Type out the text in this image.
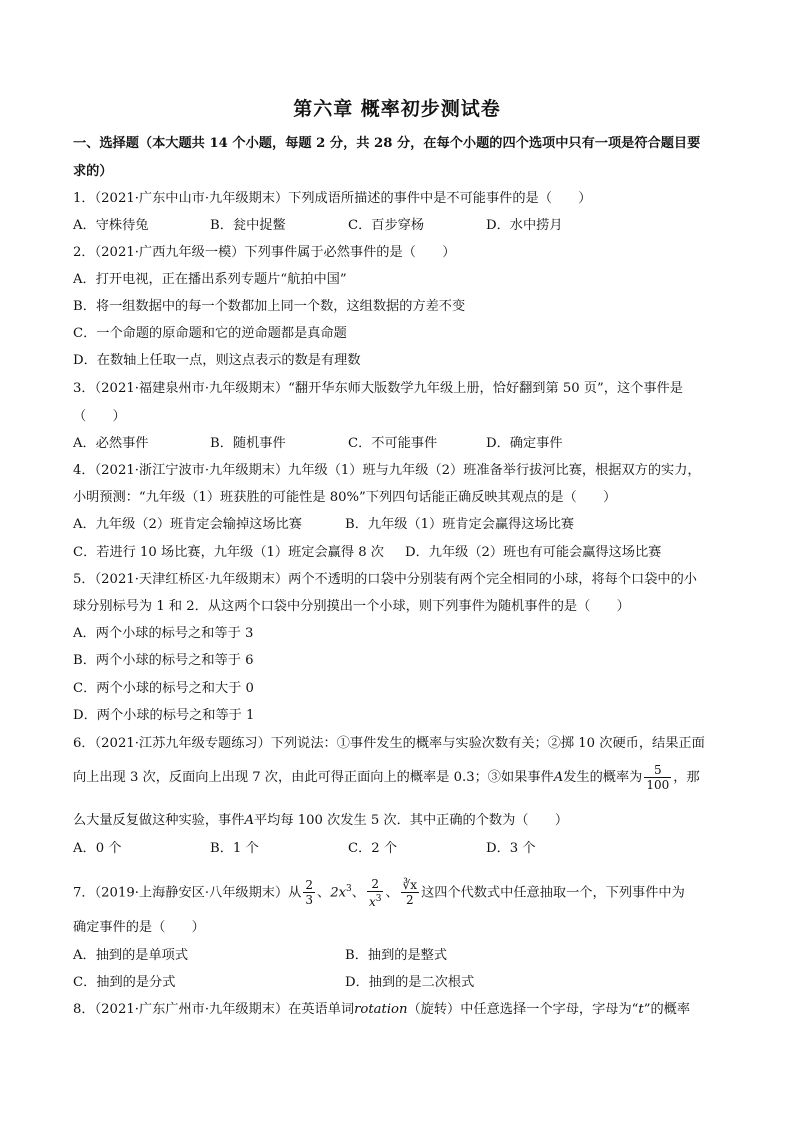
第六章 概率初步测试卷
一、选择题（本大题共 14 个小题，每题 2 分，共 28 分，在每个小题的四个选项中只有一项是符合题目要
求的）
1．（2021·广东中山市·九年级期末）下列成语所描述的事件中是不可能事件的是（　　）
A．守株待兔	B．瓮中捉鳖	C．百步穿杨	D．水中捞月
2．（2021·广西九年级一模）下列事件属于必然事件的是（　　）
A．打开电视，正在播出系列专题片“航拍中国”
B．将一组数据中的每一个数都加上同一个数，这组数据的方差不变
C．一个命题的原命题和它的逆命题都是真命题
D．在数轴上任取一点，则这点表示的数是有理数
3．（2021·福建泉州市·九年级期末）“翻开华东师大版数学九年级上册，恰好翻到第 50 页”，这个事件是
（　　）
A．必然事件	B．随机事件	C．不可能事件	D．确定事件
4．（2021·浙江宁波市·九年级期末）九年级（1）班与九年级（2）班准备举行拔河比赛，根据双方的实力，
小明预测：“九年级（1）班获胜的可能性是 80%”下列四句话能正确反映其观点的是（　　）
A．九年级（2）班肯定会输掉这场比赛	B．九年级（1）班肯定会赢得这场比赛
C．若进行 10 场比赛，九年级（1）班定会赢得 8 次 D．九年级（2）班也有可能会赢得这场比赛
5．（2021·天津红桥区·九年级期末）两个不透明的口袋中分别装有两个完全相同的小球，将每个口袋中的小
球分别标号为 1 和 2．从这两个口袋中分别摸出一个小球，则下列事件为随机事件的是（　　）
A．两个小球的标号之和等于 3
B．两个小球的标号之和等于 6
C．两个小球的标号之和大于 0
D．两个小球的标号之和等于 1
6．（2021·江苏九年级专题练习）下列说法：①事件发生的概率与实验次数有关；②掷 10 次硬币，结果正面
向上出现 3 次，反面向上出现 7 次，由此可得正面向上的概率是 0.3；③如果事件A发生的概率为 $\frac{5}{100}$ ，那
么大量反复做这种实验，事件A平均每 100 次发生 5 次．其中正确的个数为（　　）
A．0 个	B．1 个	C．2 个	D．3 个
7．（2019·上海静安区·八年级期末）从 $\frac{2}{3}$ 、$2x^3$、 $\frac{2}{x^3}$ 、 $\frac{∛x}{2}$ 这四个代数式中任意抽取一个，下列事件中为
确定事件的是（　　）
A．抽到的是单项式	B．抽到的是整式
C．抽到的是分式	D．抽到的是二次根式
8．（2021·广东广州市·九年级期末）在英语单词rotation（旋转）中任意选择一个字母，字母为“t”的概率
